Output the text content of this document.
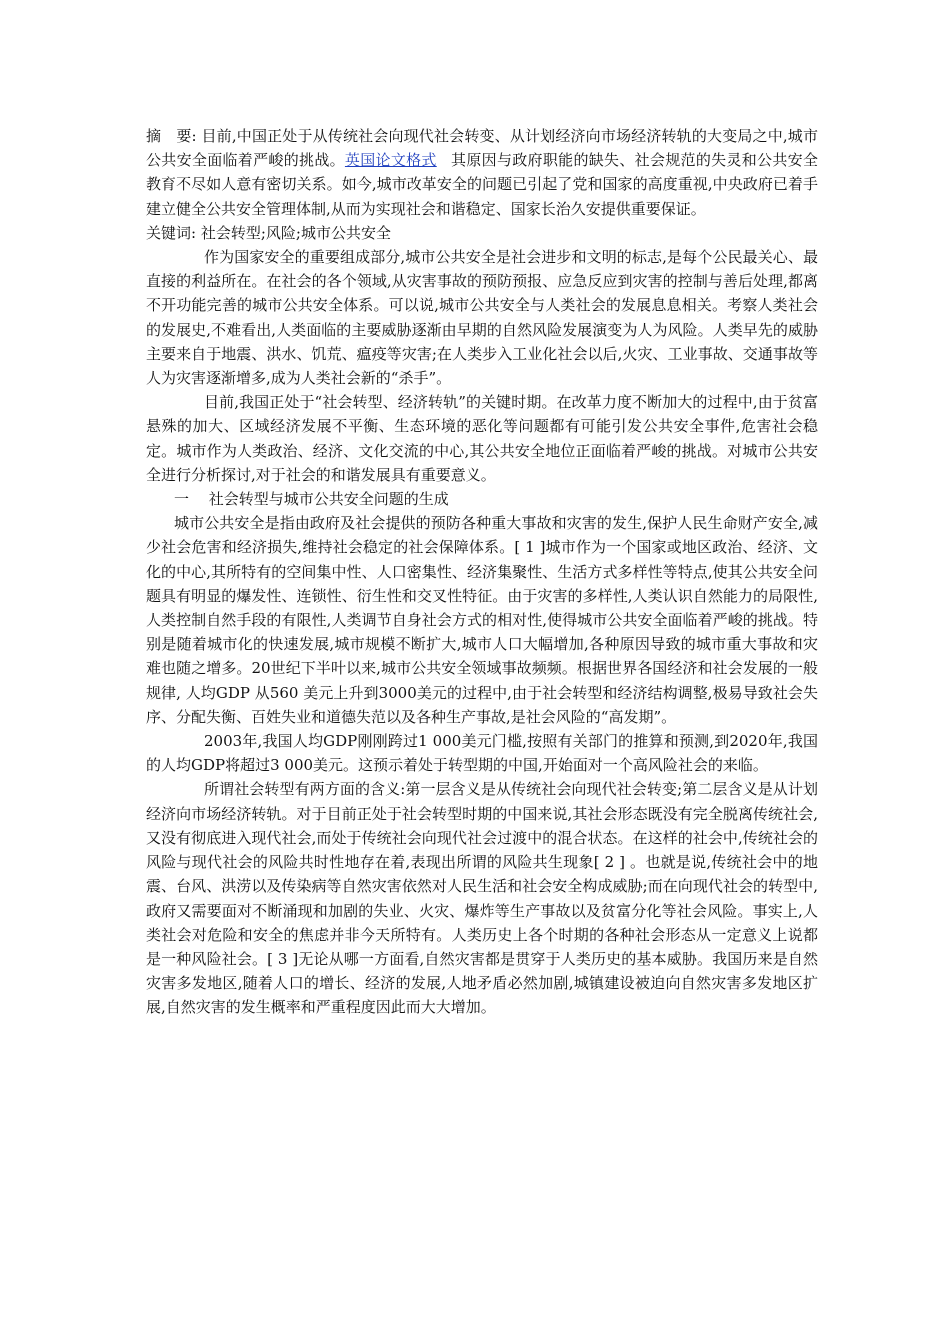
摘　要: 目前,中国正处于从传统社会向现代社会转变、从计划经济向市场经济转轨的大变局之中,城市公共安全面临着严峻的挑战。英国论文格式 其原因与政府职能的缺失、社会规范的失灵和公共安全教育不尽如人意有密切关系。如今,城市改革安全的问题已引起了党和国家的高度重视,中央政府已着手建立健全公共安全管理体制,从而为实现社会和谐稳定、国家长治久安提供重要保证。

关键词: 社会转型;风险;城市公共安全

作为国家安全的重要组成部分,城市公共安全是社会进步和文明的标志,是每个公民最关心、最直接的利益所在。在社会的各个领域,从灾害事故的预防预报、应急反应到灾害的控制与善后处理,都离不开功能完善的城市公共安全体系。可以说,城市公共安全与人类社会的发展息息相关。考察人类社会的发展史,不难看出,人类面临的主要威胁逐渐由早期的自然风险发展演变为人为风险。人类早先的威胁主要来自于地震、洪水、饥荒、瘟疫等灾害;在人类步入工业化社会以后,火灾、工业事故、交通事故等人为灾害逐渐增多,成为人类社会新的“杀手”。

目前,我国正处于“社会转型、经济转轨”的关键时期。在改革力度不断加大的过程中,由于贫富悬殊的加大、区域经济发展不平衡、生态环境的恶化等问题都有可能引发公共安全事件,危害社会稳定。城市作为人类政治、经济、文化交流的中心,其公共安全地位正面临着严峻的挑战。对城市公共安全进行分析探讨,对于社会的和谐发展具有重要意义。

一　 社会转型与城市公共安全问题的生成

城市公共安全是指由政府及社会提供的预防各种重大事故和灾害的发生,保护人民生命财产安全,减少社会危害和经济损失,维持社会稳定的社会保障体系。[ 1 ]城市作为一个国家或地区政治、经济、文化的中心,其所特有的空间集中性、人口密集性、经济集聚性、生活方式多样性等特点,使其公共安全问题具有明显的爆发性、连锁性、衍生性和交叉性特征。由于灾害的多样性,人类认识自然能力的局限性,人类控制自然手段的有限性,人类调节自身社会方式的相对性,使得城市公共安全面临着严峻的挑战。特别是随着城市化的快速发展,城市规模不断扩大,城市人口大幅增加,各种原因导致的城市重大事故和灾难也随之增多。20世纪下半叶以来,城市公共安全领域事故频频。根据世界各国经济和社会发展的一般规律, 人均GDP 从560 美元上升到3000美元的过程中,由于社会转型和经济结构调整,极易导致社会失序、分配失衡、百姓失业和道德失范以及各种生产事故,是社会风险的“高发期”。

2003年,我国人均GDP刚刚跨过1 000美元门槛,按照有关部门的推算和预测,到2020年,我国的人均GDP将超过3 000美元。这预示着处于转型期的中国,开始面对一个高风险社会的来临。

所谓社会转型有两方面的含义:第一层含义是从传统社会向现代社会转变;第二层含义是从计划经济向市场经济转轨。对于目前正处于社会转型时期的中国来说,其社会形态既没有完全脱离传统社会,又没有彻底进入现代社会,而处于传统社会向现代社会过渡中的混合状态。在这样的社会中,传统社会的风险与现代社会的风险共时性地存在着,表现出所谓的风险共生现象[ 2 ] 。也就是说,传统社会中的地震、台风、洪涝以及传染病等自然灾害依然对人民生活和社会安全构成威胁;而在向现代社会的转型中,政府又需要面对不断涌现和加剧的失业、火灾、爆炸等生产事故以及贫富分化等社会风险。事实上,人类社会对危险和安全的焦虑并非今天所特有。人类历史上各个时期的各种社会形态从一定意义上说都是一种风险社会。[ 3 ]无论从哪一方面看,自然灾害都是贯穿于人类历史的基本威胁。我国历来是自然灾害多发地区,随着人口的增长、经济的发展,人地矛盾必然加剧,城镇建设被迫向自然灾害多发地区扩展,自然灾害的发生概率和严重程度因此而大大增加。
